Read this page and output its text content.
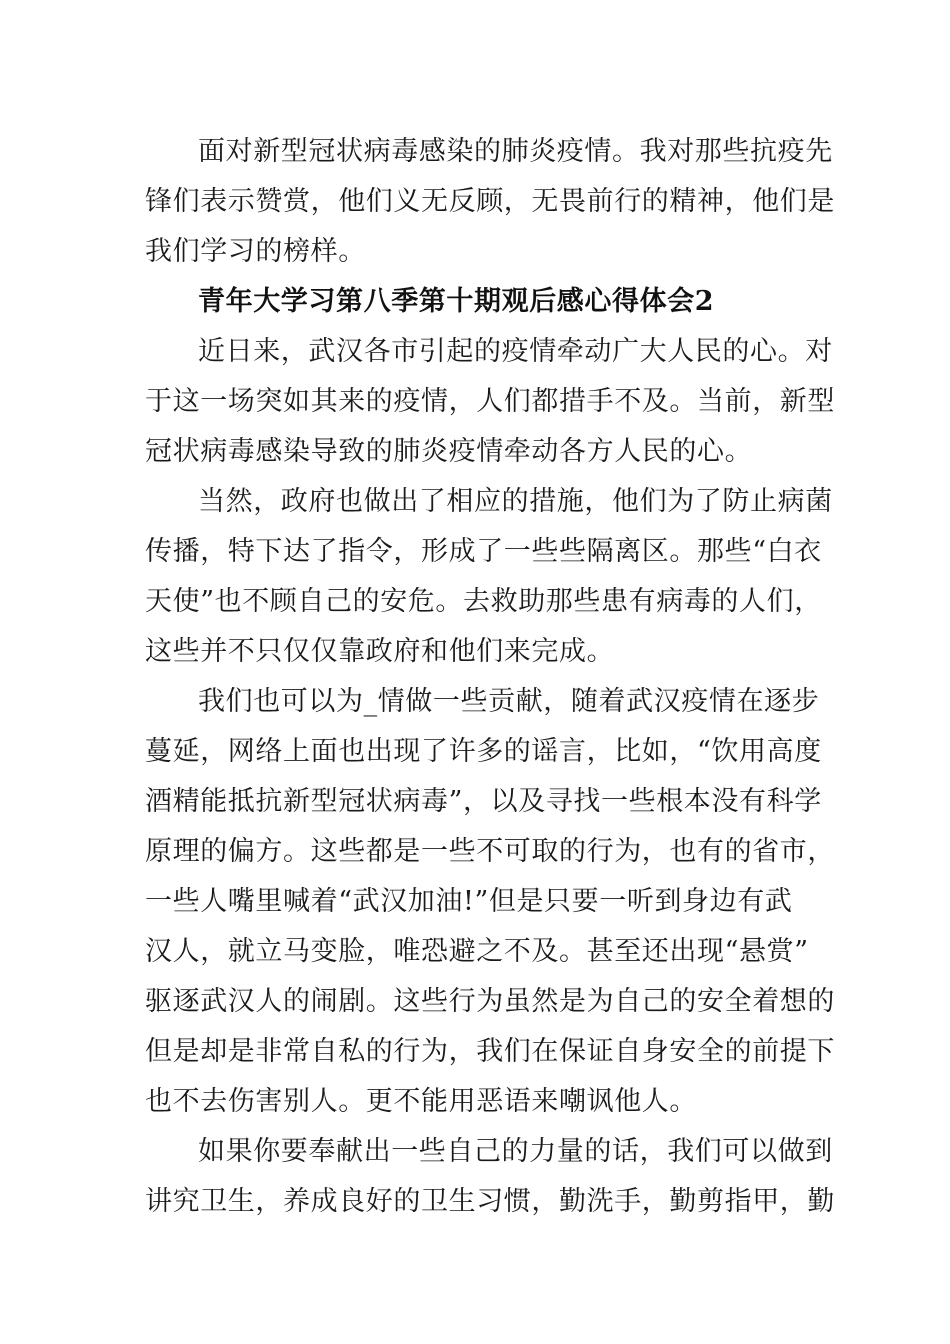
面对新型冠状病毒感染的肺炎疫情。我对那些抗疫先

锋们表示赞赏，他们义无反顾，无畏前行的精神，他们是

我们学习的榜样。

青年大学习第八季第十期观后感心得体会2

近日来，武汉各市引起的疫情牵动广大人民的心。对

于这一场突如其来的疫情，人们都措手不及。当前，新型

冠状病毒感染导致的肺炎疫情牵动各方人民的心。

当然，政府也做出了相应的措施，他们为了防止病菌

传播，特下达了指令，形成了一些些隔离区。那些“白衣

天使”也不顾自己的安危。去救助那些患有病毒的人们，

这些并不只仅仅靠政府和他们来完成。

我们也可以为_情做一些贡献，随着武汉疫情在逐步

蔓延，网络上面也出现了许多的谣言，比如，“饮用高度

酒精能抵抗新型冠状病毒”，以及寻找一些根本没有科学

原理的偏方。这些都是一些不可取的行为，也有的省市，

一些人嘴里喊着“武汉加油!”但是只要一听到身边有武

汉人，就立马变脸，唯恐避之不及。甚至还出现“悬赏”

驱逐武汉人的闹剧。这些行为虽然是为自己的安全着想的

但是却是非常自私的行为，我们在保证自身安全的前提下

也不去伤害别人。更不能用恶语来嘲讽他人。

如果你要奉献出一些自己的力量的话，我们可以做到

讲究卫生，养成良好的卫生习惯，勤洗手，勤剪指甲，勤
